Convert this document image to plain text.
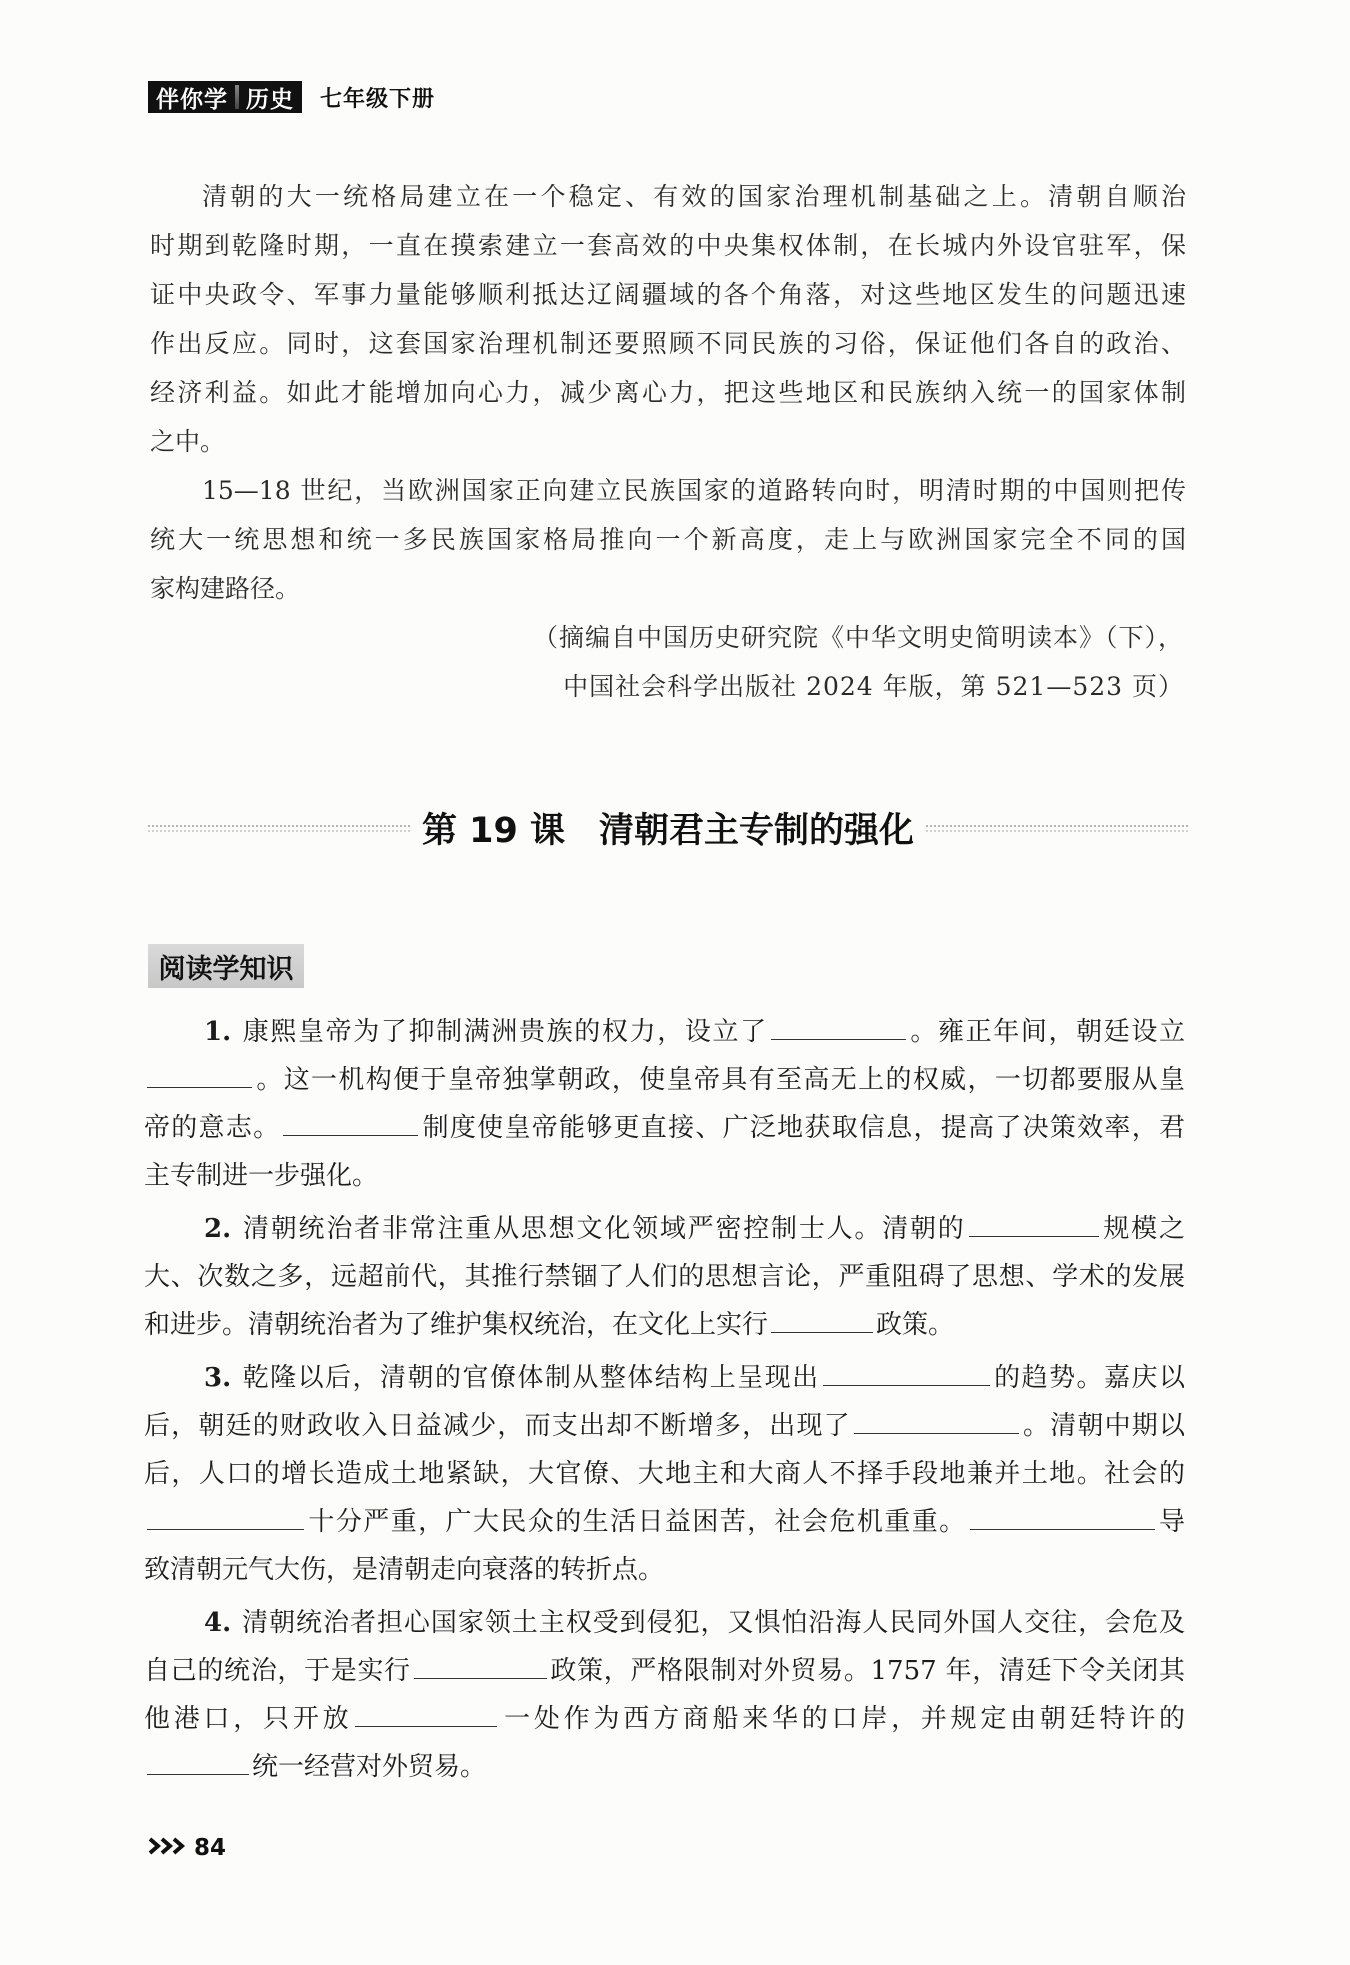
伴你学 历史 七年级下册
清朝的大一统格局建立在一个稳定、有效的国家治理机制基础之上。清朝自顺治
时期到乾隆时期，一直在摸索建立一套高效的中央集权体制，在长城内外设官驻军，保
证中央政令、军事力量能够顺利抵达辽阔疆域的各个角落，对这些地区发生的问题迅速
作出反应。同时，这套国家治理机制还要照顾不同民族的习俗，保证他们各自的政治、
经济利益。如此才能增加向心力，减少离心力，把这些地区和民族纳入统一的国家体制
之中。
15—18 世纪，当欧洲国家正向建立民族国家的道路转向时，明清时期的中国则把传
统大一统思想和统一多民族国家格局推向一个新高度，走上与欧洲国家完全不同的国
家构建路径。
（摘编自中国历史研究院《中华文明史简明读本》（下），
中国社会科学出版社 2024 年版，第 521—523 页）
第 19 课 清朝君主专制的强化
阅读学知识
1. 康熙皇帝为了抑制满洲贵族的权力，设立了	。雍正年间，朝廷设立
。这一机构便于皇帝独掌朝政，使皇帝具有至高无上的权威，一切都要服从皇
帝的意志。	制度使皇帝能够更直接、广泛地获取信息，提高了决策效率，君
主专制进一步强化。
2. 清朝统治者非常注重从思想文化领域严密控制士人。清朝的	规模之
大、次数之多，远超前代，其推行禁锢了人们的思想言论，严重阻碍了思想、学术的发展
和进步。清朝统治者为了维护集权统治，在文化上实行	政策。
3. 乾隆以后，清朝的官僚体制从整体结构上呈现出	的趋势。嘉庆以
后，朝廷的财政收入日益减少，而支出却不断增多，出现了	。清朝中期以
后，人口的增长造成土地紧缺，大官僚、大地主和大商人不择手段地兼并土地。社会的
十分严重，广大民众的生活日益困苦，社会危机重重。	导
致清朝元气大伤，是清朝走向衰落的转折点。
4. 清朝统治者担心国家领土主权受到侵犯，又惧怕沿海人民同外国人交往，会危及
自己的统治，于是实行	政策，严格限制对外贸易。1757 年，清廷下令关闭其
他港口，只开放	一处作为西方商船来华的口岸，并规定由朝廷特许的
统一经营对外贸易。
84
